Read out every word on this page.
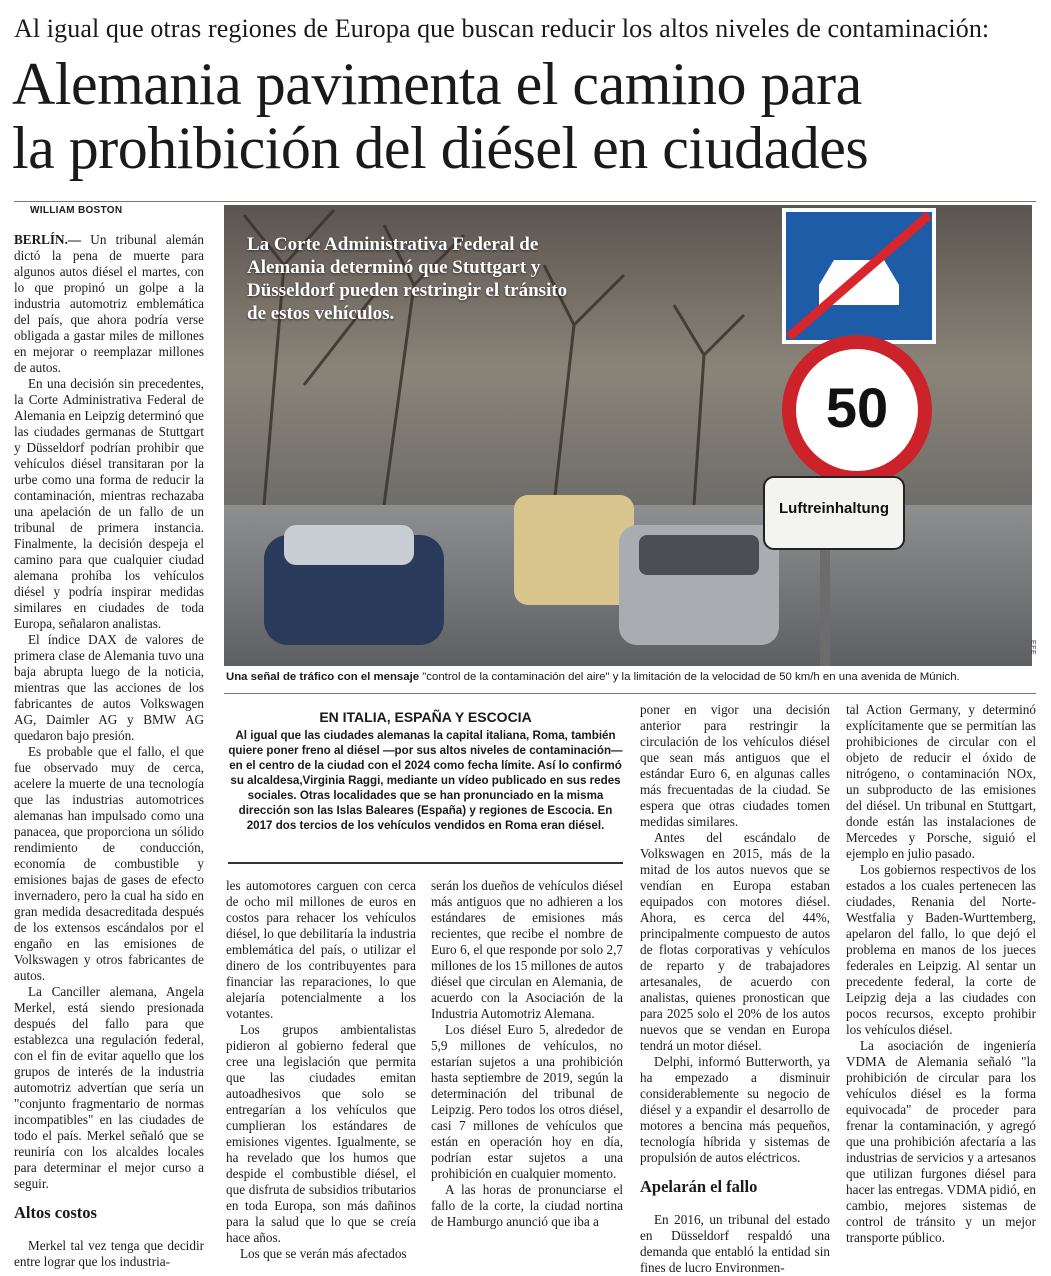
Al igual que otras regiones de Europa que buscan reducir los altos niveles de contaminación:
Alemania pavimenta el camino para
la prohibición del diésel en ciudades
WILLIAM BOSTON

BERLÍN.— Un tribunal alemán dictó la pena de muerte para algunos autos diésel el martes, con lo que propinó un golpe a la industria automotriz emblemática del país, que ahora podría verse obligada a gastar miles de millones en mejorar o reemplazar millones de autos.

En una decisión sin precedentes, la Corte Administrativa Federal de Alemania en Leipzig determinó que las ciudades germanas de Stuttgart y Düsseldorf podrían prohibir que vehículos diésel transitaran por la urbe como una forma de reducir la contaminación, mientras rechazaba una apelación de un fallo de un tribunal de primera instancia. Finalmente, la decisión despeja el camino para que cualquier ciudad alemana prohíba los vehículos diésel y podría inspirar medidas similares en ciudades de toda Europa, señalaron analistas.

El índice DAX de valores de primera clase de Alemania tuvo una baja abrupta luego de la noticia, mientras que las acciones de los fabricantes de autos Volkswagen AG, Daimler AG y BMW AG quedaron bajo presión.

Es probable que el fallo, el que fue observado muy de cerca, acelere la muerte de una tecnología que las industrias automotrices alemanas han impulsado como una panacea, que proporciona un sólido rendimiento de conducción, economía de combustible y emisiones bajas de gases de efecto invernadero, pero la cual ha sido en gran medida desacreditada después de los extensos escándalos por el engaño en las emisiones de Volkswagen y otros fabricantes de autos.

La Canciller alemana, Angela Merkel, está siendo presionada después del fallo para que establezca una regulación federal, con el fin de evitar aquello que los grupos de interés de la industria automotriz advertían que sería un "conjunto fragmentario de normas incompatibles" en las ciudades de todo el país. Merkel señaló que se reuniría con los alcaldes locales para determinar el mejor curso a seguir.

Altos costos

Merkel tal vez tenga que decidir entre lograr que los industria-

50
Luftreinhaltung
La Corte Administrativa Federal de Alemania determinó que Stuttgart y Düsseldorf pueden restringir el tránsito de estos vehículos.
EFE
Una señal de tráfico con el mensaje "control de la contaminación del aire" y la limitación de la velocidad de 50 km/h en una avenida de Múnich.
EN ITALIA, ESPAÑA Y ESCOCIA
Al igual que las ciudades alemanas la capital italiana, Roma, también quiere poner freno al diésel —por sus altos niveles de contaminación— en el centro de la ciudad con el 2024 como fecha límite. Así lo confirmó su alcaldesa,Virginia Raggi, mediante un vídeo publicado en sus redes sociales. Otras localidades que se han pronunciado en la misma dirección son las Islas Baleares (España) y regiones de Escocia. En 2017 dos tercios de los vehículos vendidos en Roma eran diésel.

les automotores carguen con cerca de ocho mil millones de euros en costos para rehacer los vehículos diésel, lo que debilitaría la industria emblemática del país, o utilizar el dinero de los contribuyentes para financiar las reparaciones, lo que alejaría potencialmente a los votantes.

Los grupos ambientalistas pidieron al gobierno federal que cree una legislación que permita que las ciudades emitan autoadhesivos que solo se entregarían a los vehículos que cumplieran los estándares de emisiones vigentes. Igualmente, se ha revelado que los humos que despide el combustible diésel, el que disfruta de subsidios tributarios en toda Europa, son más dañinos para la salud que lo que se creía hace años.

Los que se verán más afectados

serán los dueños de vehículos diésel más antiguos que no adhieren a los estándares de emisiones más recientes, que recibe el nombre de Euro 6, el que responde por solo 2,7 millones de los 15 millones de autos diésel que circulan en Alemania, de acuerdo con la Asociación de la Industria Automotriz Alemana.

Los diésel Euro 5, alrededor de 5,9 millones de vehículos, no estarían sujetos a una prohibición hasta septiembre de 2019, según la determinación del tribunal de Leipzig. Pero todos los otros diésel, casi 7 millones de vehículos que están en operación hoy en día, podrían estar sujetos a una prohibición en cualquier momento.

A las horas de pronunciarse el fallo de la corte, la ciudad nortina de Hamburgo anunció que iba a

poner en vigor una decisión anterior para restringir la circulación de los vehículos diésel que sean más antiguos que el estándar Euro 6, en algunas calles más frecuentadas de la ciudad. Se espera que otras ciudades tomen medidas similares.

Antes del escándalo de Volkswagen en 2015, más de la mitad de los autos nuevos que se vendían en Europa estaban equipados con motores diésel. Ahora, es cerca del 44%, principalmente compuesto de autos de flotas corporativas y vehículos de reparto y de trabajadores artesanales, de acuerdo con analistas, quienes pronostican que para 2025 solo el 20% de los autos nuevos que se vendan en Europa tendrá un motor diésel.

Delphi, informó Butterworth, ya ha empezado a disminuir considerablemente su negocio de diésel y a expandir el desarrollo de motores a bencina más pequeños, tecnología híbrida y sistemas de propulsión de autos eléctricos.

Apelarán el fallo

En 2016, un tribunal del estado en Düsseldorf respaldó una demanda que entabló la entidad sin fines de lucro Environmen-

tal Action Germany, y determinó explícitamente que se permitían las prohibiciones de circular con el objeto de reducir el óxido de nitrógeno, o contaminación NOx, un subproducto de las emisiones del diésel. Un tribunal en Stuttgart, donde están las instalaciones de Mercedes y Porsche, siguió el ejemplo en julio pasado.

Los gobiernos respectivos de los estados a los cuales pertenecen las ciudades, Renania del Norte-Westfalia y Baden-Wurttemberg, apelaron del fallo, lo que dejó el problema en manos de los jueces federales en Leipzig. Al sentar un precedente federal, la corte de Leipzig deja a las ciudades con pocos recursos, excepto prohibir los vehículos diésel.

La asociación de ingeniería VDMA de Alemania señaló "la prohibición de circular para los vehículos diésel es la forma equivocada" de proceder para frenar la contaminación, y agregó que una prohibición afectaría a las industrias de servicios y a artesanos que utilizan furgones diésel para hacer las entregas. VDMA pidió, en cambio, mejores sistemas de control de tránsito y un mejor transporte público.
